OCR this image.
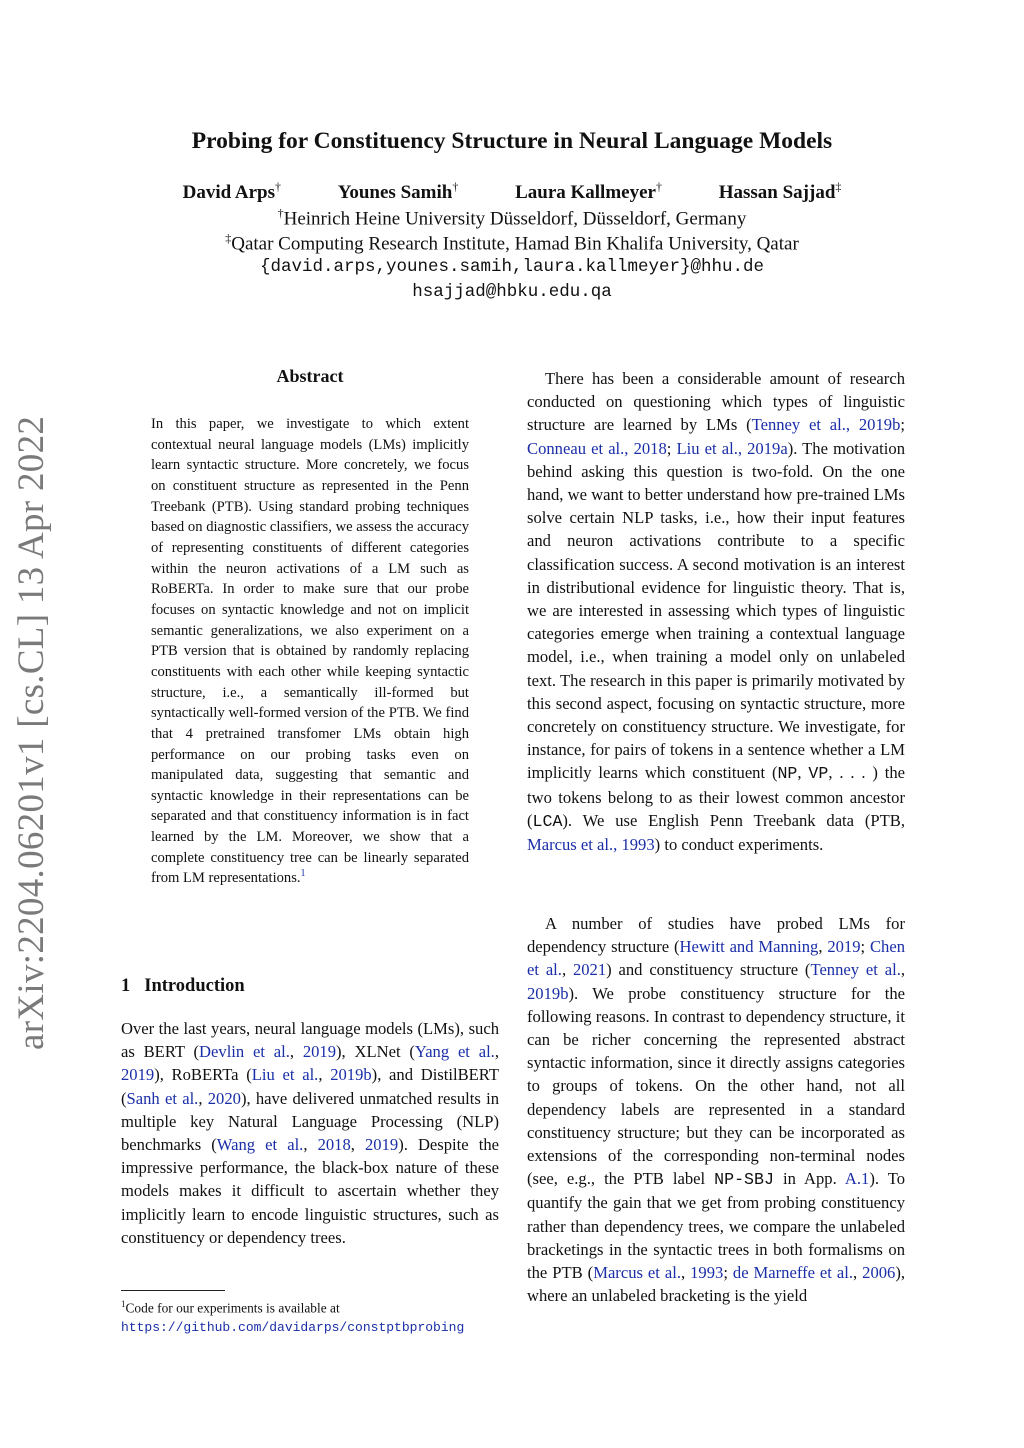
arXiv:2204.06201v1 [cs.CL] 13 Apr 2022
Probing for Constituency Structure in Neural Language Models
David Arps†	Younes Samih†	Laura Kallmeyer†	Hassan Sajjad‡
†Heinrich Heine University Düsseldorf, Düsseldorf, Germany
‡Qatar Computing Research Institute, Hamad Bin Khalifa University, Qatar
{david.arps,younes.samih,laura.kallmeyer}@hhu.de
hsajjad@hbku.edu.qa
Abstract
In this paper, we investigate to which extent contextual neural language models (LMs) implicitly learn syntactic structure. More concretely, we focus on constituent structure as represented in the Penn Treebank (PTB). Using standard probing techniques based on diagnostic classifiers, we assess the accuracy of representing constituents of different categories within the neuron activations of a LM such as RoBERTa. In order to make sure that our probe focuses on syntactic knowledge and not on implicit semantic generalizations, we also experiment on a PTB version that is obtained by randomly replacing constituents with each other while keeping syntactic structure, i.e., a semantically ill-formed but syntactically well-formed version of the PTB. We find that 4 pretrained transfomer LMs obtain high performance on our probing tasks even on manipulated data, suggesting that semantic and syntactic knowledge in their representations can be separated and that constituency information is in fact learned by the LM. Moreover, we show that a complete constituency tree can be linearly separated from LM representations.$^1$
1 Introduction

Over the last years, neural language models (LMs), such as BERT (Devlin et al., 2019), XLNet (Yang et al., 2019), RoBERTa (Liu et al., 2019b), and DistilBERT (Sanh et al., 2020), have delivered unmatched results in multiple key Natural Language Processing (NLP) benchmarks (Wang et al., 2018, 2019). Despite the impressive performance, the black-box nature of these models makes it difficult to ascertain whether they implicitly learn to encode linguistic structures, such as constituency or dependency trees.

There has been a considerable amount of research conducted on questioning which types of linguistic structure are learned by LMs (Tenney et al., 2019b; Conneau et al., 2018; Liu et al., 2019a). The motivation behind asking this question is two-fold. On the one hand, we want to better understand how pre-trained LMs solve certain NLP tasks, i.e., how their input features and neuron activations contribute to a specific classification success. A second motivation is an interest in distributional evidence for linguistic theory. That is, we are interested in assessing which types of linguistic categories emerge when training a contextual language model, i.e., when training a model only on unlabeled text. The research in this paper is primarily motivated by this second aspect, focusing on syntactic structure, more concretely on constituency structure. We investigate, for instance, for pairs of tokens in a sentence whether a LM implicitly learns which constituent (NP, VP, . . . ) the two tokens belong to as their lowest common ancestor (LCA). We use English Penn Treebank data (PTB, Marcus et al., 1993) to conduct experiments.

A number of studies have probed LMs for dependency structure (Hewitt and Manning, 2019; Chen et al., 2021) and constituency structure (Tenney et al., 2019b). We probe constituency structure for the following reasons. In contrast to dependency structure, it can be richer concerning the represented abstract syntactic information, since it directly assigns categories to groups of tokens. On the other hand, not all dependency labels are represented in a standard constituency structure; but they can be incorporated as extensions of the corresponding non-terminal nodes (see, e.g., the PTB label NP-SBJ in App. A.1). To quantify the gain that we get from probing constituency rather than dependency trees, we compare the unlabeled bracketings in the syntactic trees in both formalisms on the PTB (Marcus et al., 1993; de Marneffe et al., 2006), where an unlabeled bracketing is the yield

$^1$Code for our experiments is available at https://github.com/davidarps/constptbprobing
